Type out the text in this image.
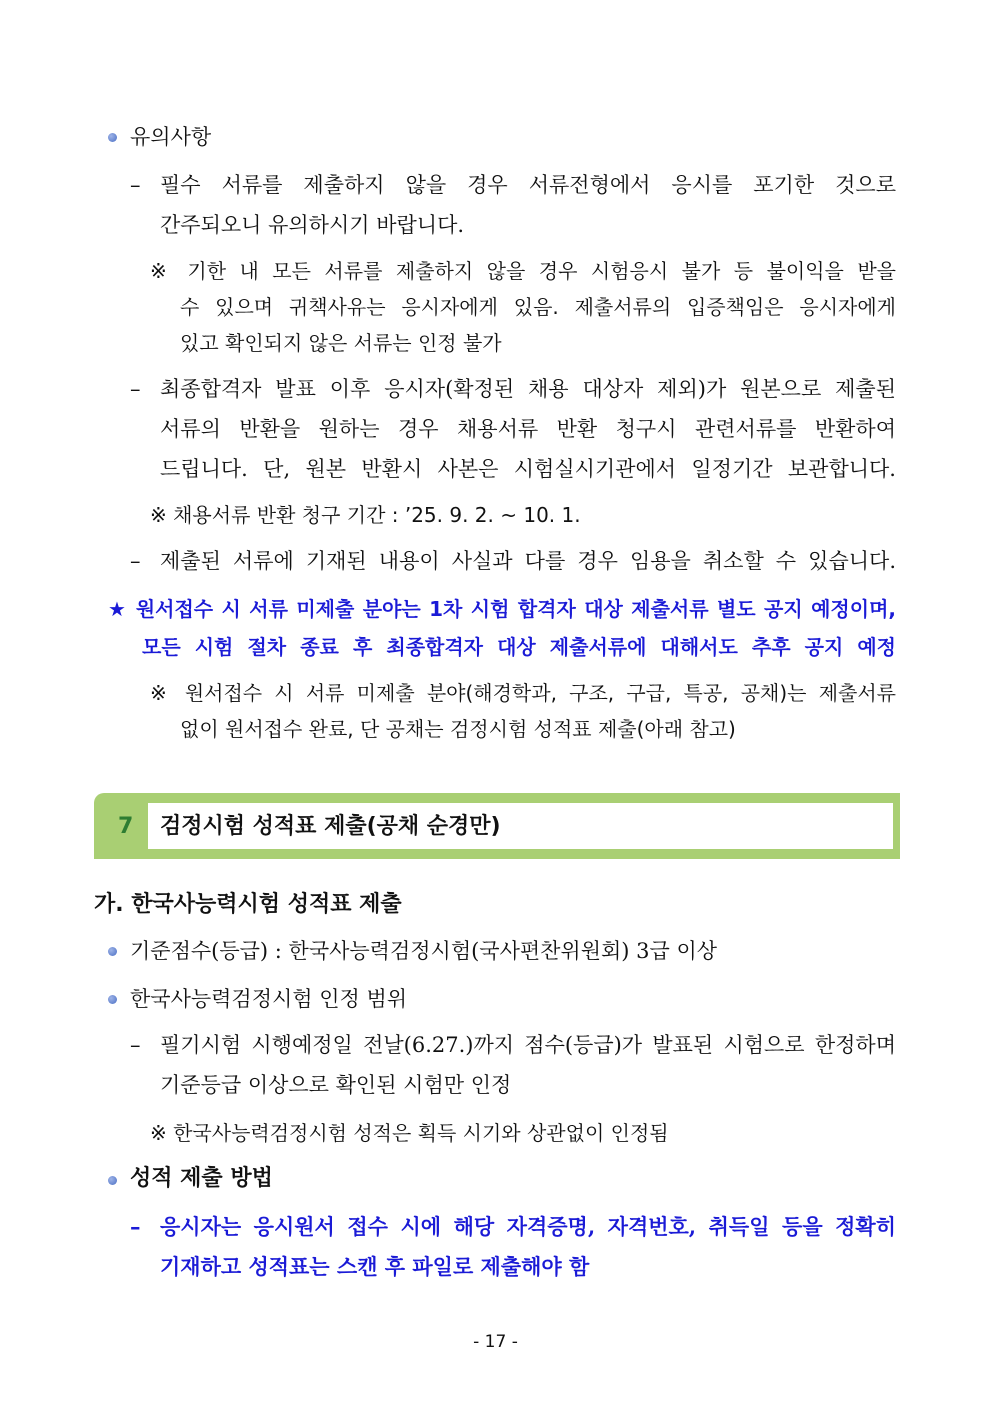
유의사항
– 필수 서류를 제출하지 않을 경우 서류전형에서 응시를 포기한 것으로
간주되오니 유의하시기 바랍니다.
※ 기한 내 모든 서류를 제출하지 않을 경우 시험응시 불가 등 불이익을 받을
수 있으며 귀책사유는 응시자에게 있음. 제출서류의 입증책임은 응시자에게
있고 확인되지 않은 서류는 인정 불가
– 최종합격자 발표 이후 응시자(확정된 채용 대상자 제외)가 원본으로 제출된
서류의 반환을 원하는 경우 채용서류 반환 청구시 관련서류를 반환하여
드립니다. 단, 원본 반환시 사본은 시험실시기관에서 일정기간 보관합니다.
※ 채용서류 반환 청구 기간 : ’25. 9. 2. ~ 10. 1.
– 제출된 서류에 기재된 내용이 사실과 다를 경우 임용을 취소할 수 있습니다.
★ 원서접수 시 서류 미제출 분야는 1차 시험 합격자 대상 제출서류 별도 공지 예정이며,
모든 시험 절차 종료 후 최종합격자 대상 제출서류에 대해서도 추후 공지 예정
※ 원서접수 시 서류 미제출 분야(해경학과, 구조, 구급, 특공, 공채)는 제출서류
없이 원서접수 완료, 단 공채는 검정시험 성적표 제출(아래 참고)
7 검정시험 성적표 제출(공채 순경만)
가. 한국사능력시험 성적표 제출
기준점수(등급) : 한국사능력검정시험(국사편찬위원회) 3급 이상
한국사능력검정시험 인정 범위
– 필기시험 시행예정일 전날(6.27.)까지 점수(등급)가 발표된 시험으로 한정하며
기준등급 이상으로 확인된 시험만 인정
※ 한국사능력검정시험 성적은 획득 시기와 상관없이 인정됨
성적 제출 방법
– 응시자는 응시원서 접수 시에 해당 자격증명, 자격번호, 취득일 등을 정확히
기재하고 성적표는 스캔 후 파일로 제출해야 함
- 17 -
